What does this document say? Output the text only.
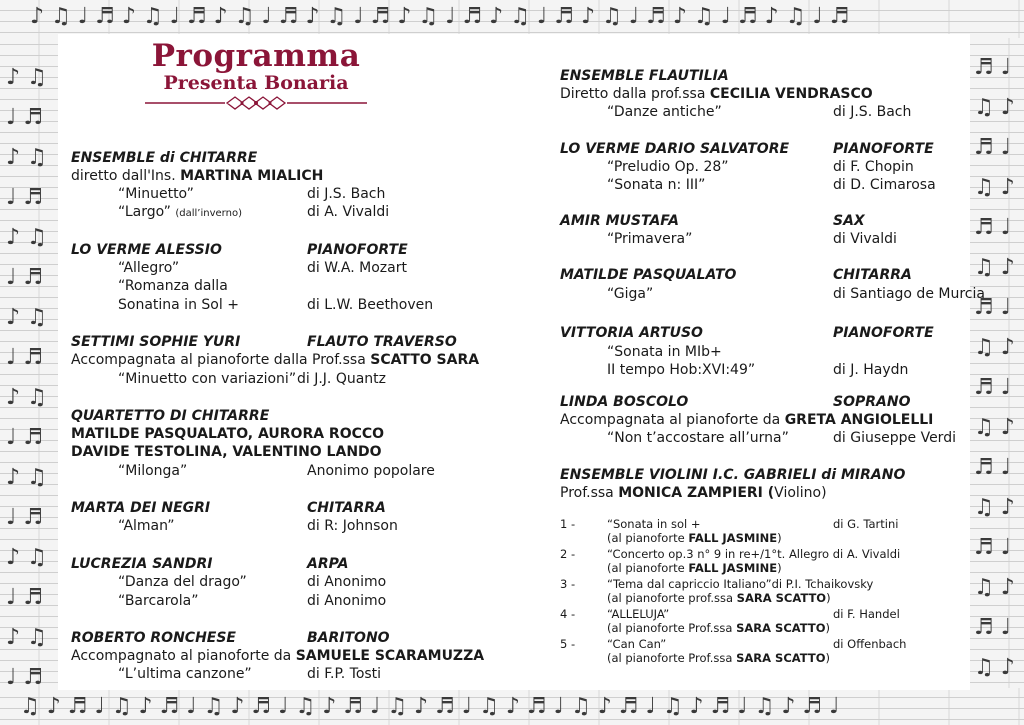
♪ ♫ ♩ ♬ ♪ ♫ ♩ ♬ ♪ ♫ ♩ ♬ ♪ ♫ ♩ ♬ ♪ ♫ ♩ ♬ ♪ ♫ ♩ ♬ ♪ ♫ ♩ ♬ ♪ ♫ ♩ ♬ ♪ ♫ ♩ ♬
♫ ♪ ♬ ♩ ♫ ♪ ♬ ♩ ♫ ♪ ♬ ♩ ♫ ♪ ♬ ♩ ♫ ♪ ♬ ♩ ♫ ♪ ♬ ♩ ♫ ♪ ♬ ♩ ♫ ♪ ♬ ♩ ♫ ♪ ♬ ♩
♪ ♫ ♩ ♬ ♪ ♫ ♩ ♬ ♪ ♫ ♩ ♬ ♪ ♫ ♩ ♬ ♪ ♫ ♩ ♬ ♪ ♫ ♩ ♬ ♪ ♫ ♩ ♬ ♪ ♫ ♩ ♬
♬ ♩ ♫ ♪ ♬ ♩ ♫ ♪ ♬ ♩ ♫ ♪ ♬ ♩ ♫ ♪ ♬ ♩ ♫ ♪ ♬ ♩ ♫ ♪ ♬ ♩ ♫ ♪ ♬ ♩ ♫ ♪
Programma
Presenta Bonaria
ENSEMBLE di CHITARRE
diretto dall'Ins. MARTINA MIALICH
“Minuetto”	di J.S. Bach
“Largo” (dall’inverno)	di A. Vivaldi
LO VERME ALESSIO	PIANOFORTE
“Allegro”	di W.A. Mozart
“Romanza dalla
Sonatina in Sol +	di L.W. Beethoven
SETTIMI SOPHIE YURI	FLAUTO TRAVERSO
Accompagnata al pianoforte dalla Prof.ssa SCATTO SARA
“Minuetto con variazioni” di J.J. Quantz
QUARTETTO DI CHITARRE
MATILDE PASQUALATO, AURORA ROCCO
DAVIDE TESTOLINA, VALENTINO LANDO
“Milonga”	Anonimo popolare
MARTA DEI NEGRI	CHITARRA
“Alman”	di R: Johnson
LUCREZIA SANDRI	ARPA
“Danza del drago”	di Anonimo
“Barcarola”	di Anonimo
ROBERTO RONCHESE	BARITONO
Accompagnato al pianoforte da SAMUELE SCARAMUZZA
“L’ultima canzone”	di F.P. Tosti
ENSEMBLE FLAUTILIA
Diretto dalla prof.ssa CECILIA VENDRASCO
“Danze antiche”	di J.S. Bach
LO VERME DARIO SALVATORE	PIANOFORTE
“Preludio Op. 28”	di F. Chopin
“Sonata n: III”	di D. Cimarosa
AMIR MUSTAFA	SAX
“Primavera”	di Vivaldi
MATILDE PASQUALATO	CHITARRA
“Giga”	di Santiago de Murcia
VITTORIA ARTUSO	PIANOFORTE
“Sonata in MIb+
II tempo Hob:XVI:49”	di J. Haydn
LINDA BOSCOLO	SOPRANO
Accompagnata al pianoforte da GRETA ANGIOLELLI
“Non t’accostare all’urna”	di Giuseppe Verdi
ENSEMBLE VIOLINI I.C. GABRIELI di MIRANO
Prof.ssa MONICA ZAMPIERI (Violino)
1 -	“Sonata in sol +	di G. Tartini
(al pianoforte FALL JASMINE)
2 -	“Concerto op.3 n° 9 in re+/1°t. Allegro di A. Vivaldi
(al pianoforte FALL JASMINE)
3 -	“Tema dal capriccio Italiano”di P.I. Tchaikovsky
(al pianoforte prof.ssa SARA SCATTO)
4 -	“ALLELUJA”	di F. Handel
(al pianoforte Prof.ssa SARA SCATTO)
5 -	“Can Can”	di Offenbach
(al pianoforte Prof.ssa SARA SCATTO)
